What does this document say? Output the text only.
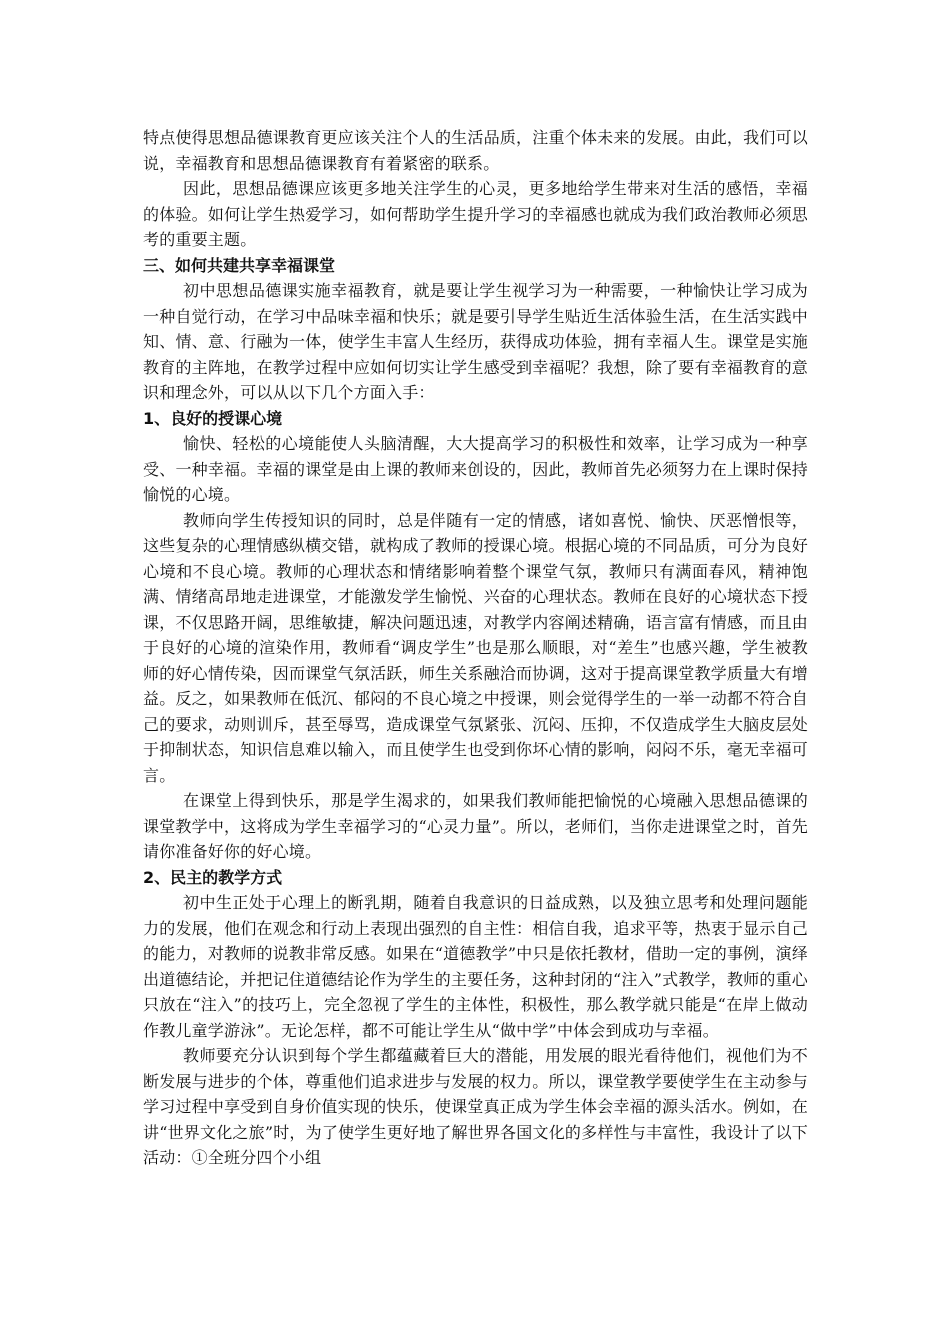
特点使得思想品德课教育更应该关注个人的生活品质，注重个体未来的发展。由此，我们可以说，幸福教育和思想品德课教育有着紧密的联系。

因此，思想品德课应该更多地关注学生的心灵，更多地给学生带来对生活的感悟，幸福的体验。如何让学生热爱学习，如何帮助学生提升学习的幸福感也就成为我们政治教师必须思考的重要主题。

三、如何共建共享幸福课堂

初中思想品德课实施幸福教育，就是要让学生视学习为一种需要，一种愉快让学习成为一种自觉行动，在学习中品味幸福和快乐；就是要引导学生贴近生活体验生活，在生活实践中知、情、意、行融为一体，使学生丰富人生经历，获得成功体验，拥有幸福人生。课堂是实施教育的主阵地，在教学过程中应如何切实让学生感受到幸福呢？我想，除了要有幸福教育的意识和理念外，可以从以下几个方面入手：

1、良好的授课心境

愉快、轻松的心境能使人头脑清醒，大大提高学习的积极性和效率，让学习成为一种享受、一种幸福。幸福的课堂是由上课的教师来创设的，因此，教师首先必须努力在上课时保持愉悦的心境。

教师向学生传授知识的同时，总是伴随有一定的情感，诸如喜悦、愉快、厌恶憎恨等，这些复杂的心理情感纵横交错，就构成了教师的授课心境。根据心境的不同品质，可分为良好心境和不良心境。教师的心理状态和情绪影响着整个课堂气氛，教师只有满面春风，精神饱满、情绪高昂地走进课堂，才能激发学生愉悦、兴奋的心理状态。教师在良好的心境状态下授课，不仅思路开阔，思维敏捷，解决问题迅速，对教学内容阐述精确，语言富有情感，而且由于良好的心境的渲染作用，教师看“调皮学生”也是那么顺眼，对“差生”也感兴趣，学生被教师的好心情传染，因而课堂气氛活跃，师生关系融洽而协调，这对于提高课堂教学质量大有增益。反之，如果教师在低沉、郁闷的不良心境之中授课，则会觉得学生的一举一动都不符合自己的要求，动则训斥，甚至辱骂，造成课堂气氛紧张、沉闷、压抑，不仅造成学生大脑皮层处于抑制状态，知识信息难以输入，而且使学生也受到你坏心情的影响，闷闷不乐，毫无幸福可言。

在课堂上得到快乐，那是学生渴求的，如果我们教师能把愉悦的心境融入思想品德课的课堂教学中，这将成为学生幸福学习的“心灵力量”。所以，老师们，当你走进课堂之时，首先请你准备好你的好心境。

2、民主的教学方式

初中生正处于心理上的断乳期，随着自我意识的日益成熟，以及独立思考和处理问题能力的发展，他们在观念和行动上表现出强烈的自主性：相信自我，追求平等，热衷于显示自己的能力，对教师的说教非常反感。如果在“道德教学”中只是依托教材，借助一定的事例，演绎出道德结论，并把记住道德结论作为学生的主要任务，这种封闭的“注入”式教学，教师的重心只放在“注入”的技巧上，完全忽视了学生的主体性，积极性，那么教学就只能是“在岸上做动作教儿童学游泳”。无论怎样，都不可能让学生从“做中学”中体会到成功与幸福。

教师要充分认识到每个学生都蕴藏着巨大的潜能，用发展的眼光看待他们，视他们为不断发展与进步的个体，尊重他们追求进步与发展的权力。所以，课堂教学要使学生在主动参与学习过程中享受到自身价值实现的快乐，使课堂真正成为学生体会幸福的源头活水。例如，在讲“世界文化之旅”时，为了使学生更好地了解世界各国文化的多样性与丰富性，我设计了以下活动：①全班分四个小组
